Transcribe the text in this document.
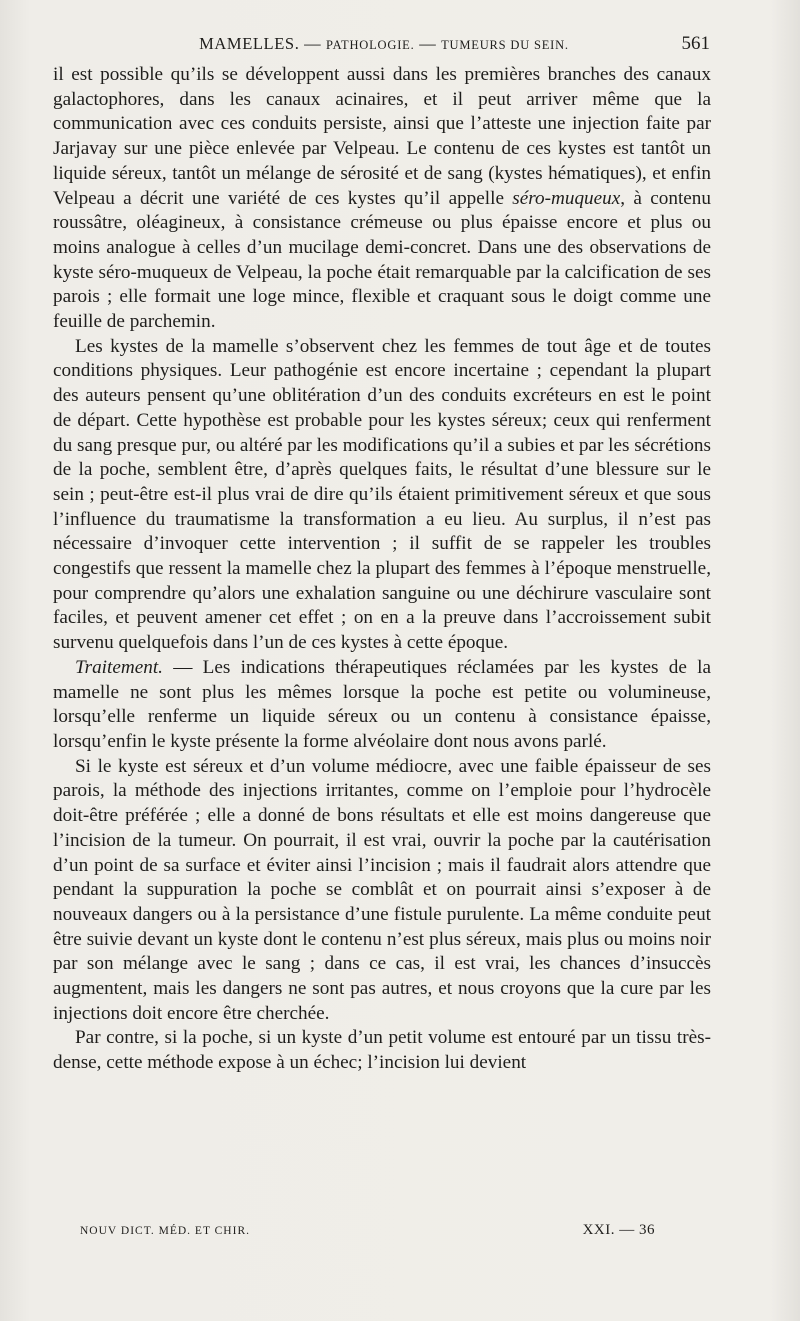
MAMELLES. — PATHOLOGIE. — TUMEURS DU SEIN.	561

il est possible qu’ils se développent aussi dans les premières branches des canaux galactophores, dans les canaux acinaires, et il peut arriver même que la communication avec ces conduits persiste, ainsi que l’atteste une injection faite par Jarjavay sur une pièce enlevée par Velpeau. Le contenu de ces kystes est tantôt un liquide séreux, tantôt un mélange de sérosité et de sang (kystes hématiques), et enfin Velpeau a décrit une variété de ces kystes qu’il appelle séro-muqueux, à contenu roussâtre, oléagineux, à consistance crémeuse ou plus épaisse encore et plus ou moins analogue à celles d’un mucilage demi-concret. Dans une des observations de kyste séro-muqueux de Velpeau, la poche était remarquable par la calcification de ses parois ; elle formait une loge mince, flexible et craquant sous le doigt comme une feuille de parchemin.

Les kystes de la mamelle s’observent chez les femmes de tout âge et de toutes conditions physiques. Leur pathogénie est encore incertaine ; cependant la plupart des auteurs pensent qu’une oblitération d’un des conduits excréteurs en est le point de départ. Cette hypothèse est probable pour les kystes séreux; ceux qui renferment du sang presque pur, ou altéré par les modifications qu’il a subies et par les sécrétions de la poche, semblent être, d’après quelques faits, le résultat d’une blessure sur le sein ; peut-être est-il plus vrai de dire qu’ils étaient primitivement séreux et que sous l’influence du traumatisme la transformation a eu lieu. Au surplus, il n’est pas nécessaire d’invoquer cette intervention ; il suffit de se rappeler les troubles congestifs que ressent la mamelle chez la plupart des femmes à l’époque menstruelle, pour comprendre qu’alors une exhalation sanguine ou une déchirure vasculaire sont faciles, et peuvent amener cet effet ; on en a la preuve dans l’accroissement subit survenu quelquefois dans l’un de ces kystes à cette époque.

Traitement. — Les indications thérapeutiques réclamées par les kystes de la mamelle ne sont plus les mêmes lorsque la poche est petite ou volumineuse, lorsqu’elle renferme un liquide séreux ou un contenu à consistance épaisse, lorsqu’enfin le kyste présente la forme alvéolaire dont nous avons parlé.

Si le kyste est séreux et d’un volume médiocre, avec une faible épaisseur de ses parois, la méthode des injections irritantes, comme on l’emploie pour l’hydrocèle doit-être préférée ; elle a donné de bons résultats et elle est moins dangereuse que l’incision de la tumeur. On pourrait, il est vrai, ouvrir la poche par la cautérisation d’un point de sa surface et éviter ainsi l’incision ; mais il faudrait alors attendre que pendant la suppuration la poche se comblât et on pourrait ainsi s’exposer à de nouveaux dangers ou à la persistance d’une fistule purulente. La même conduite peut être suivie devant un kyste dont le contenu n’est plus séreux, mais plus ou moins noir par son mélange avec le sang ; dans ce cas, il est vrai, les chances d’insuccès augmentent, mais les dangers ne sont pas autres, et nous croyons que la cure par les injections doit encore être cherchée.

Par contre, si la poche, si un kyste d’un petit volume est entouré par un tissu très-dense, cette méthode expose à un échec; l’incision lui devient

NOUV DICT. MÉD. ET CHIR.	XXI. — 36
